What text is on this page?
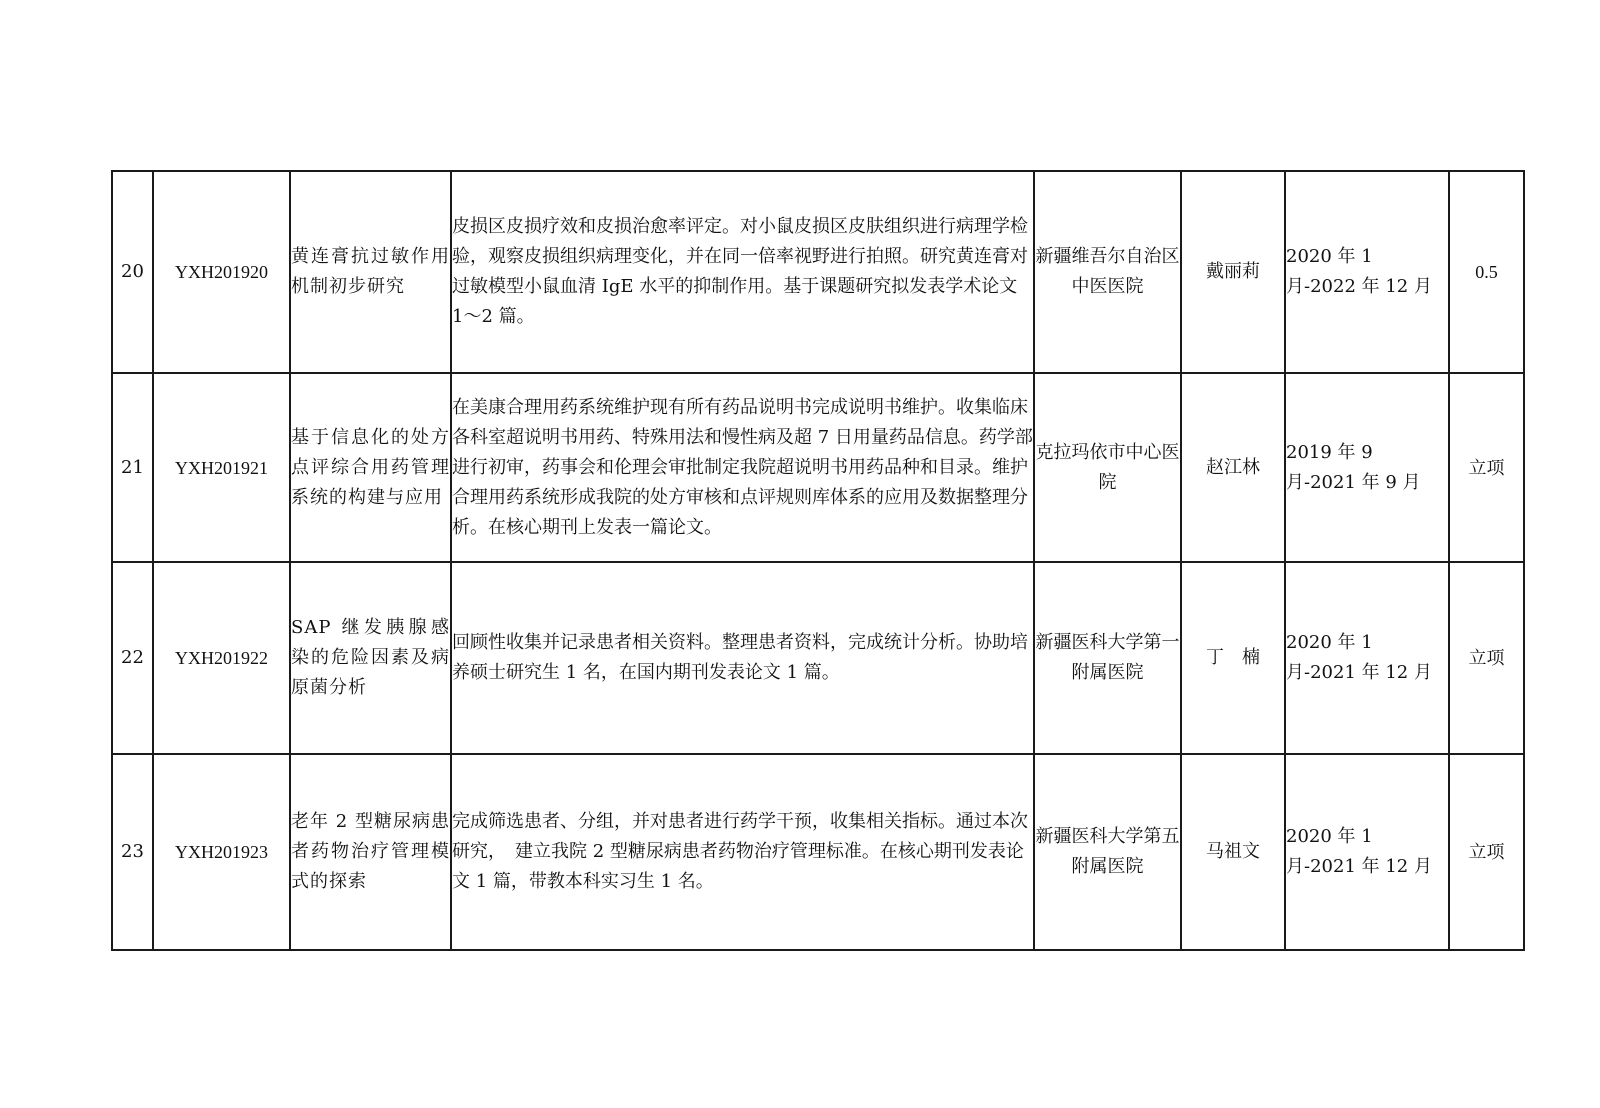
20	YXH201920	黄连膏抗过敏作用机制初步研究	皮损区皮损疗效和皮损治愈率评定。对小鼠皮损区皮肤组织进行病理学检验，观察皮损组织病理变化，并在同一倍率视野进行拍照。研究黄连膏对过敏模型小鼠血清 IgE 水平的抑制作用。基于课题研究拟发表学术论文 1～2 篇。	新疆维吾尔自治区中医医院	戴丽莉	2020 年 1 月-2022 年 12 月	0.5
21	YXH201921	基于信息化的处方点评综合用药管理系统的构建与应用	在美康合理用药系统维护现有所有药品说明书完成说明书维护。收集临床各科室超说明书用药、特殊用法和慢性病及超 7 日用量药品信息。药学部进行初审，药事会和伦理会审批制定我院超说明书用药品种和目录。维护合理用药系统形成我院的处方审核和点评规则库体系的应用及数据整理分析。在核心期刊上发表一篇论文。	克拉玛依市中心医院	赵江林	2019 年 9 月-2021 年 9 月	立项
22	YXH201922	SAP 继发胰腺感染的危险因素及病原菌分析	回顾性收集并记录患者相关资料。整理患者资料，完成统计分析。协助培养硕士研究生 1 名，在国内期刊发表论文 1 篇。	新疆医科大学第一附属医院	丁　楠	2020 年 1 月-2021 年 12 月	立项
23	YXH201923	老年 2 型糖尿病患者药物治疗管理模式的探索	完成筛选患者、分组，并对患者进行药学干预，收集相关指标。通过本次研究，　建立我院 2 型糖尿病患者药物治疗管理标准。在核心期刊发表论文 1 篇，带教本科实习生 1 名。	新疆医科大学第五附属医院	马祖文	2020 年 1 月-2021 年 12 月	立项
